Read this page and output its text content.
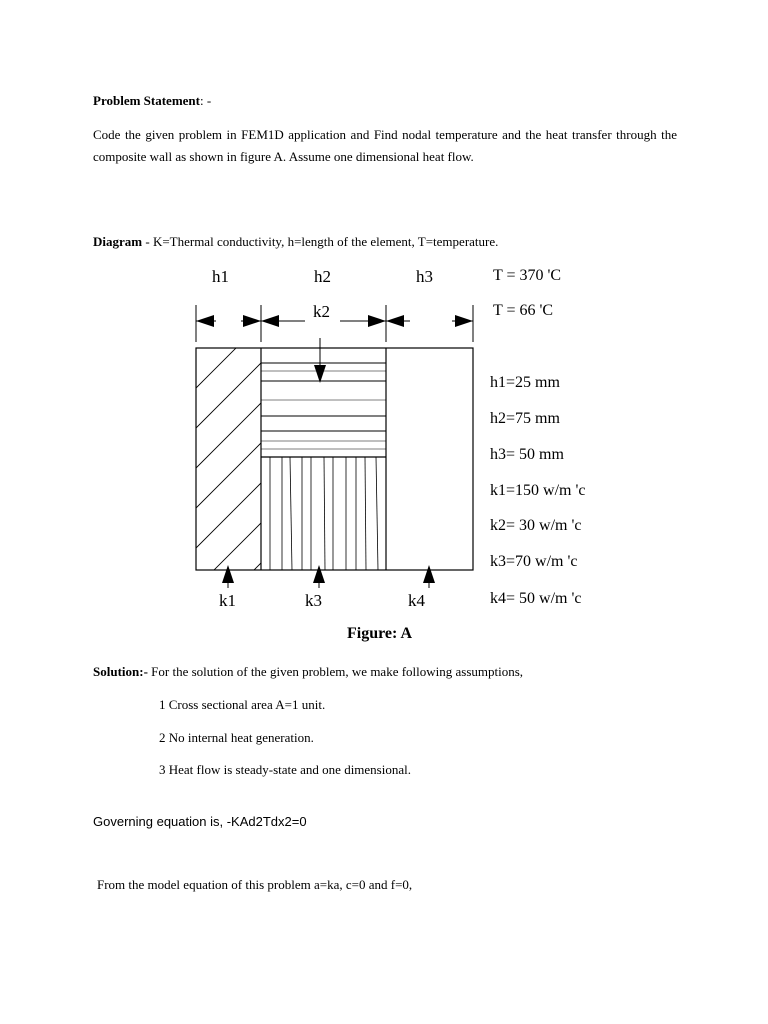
Problem Statement: -
Code the given problem in FEM1D application and Find nodal temperature and the heat transfer through the composite wall as shown in figure A. Assume one dimensional heat flow.
Diagram - K=Thermal conductivity, h=length of the element, T=temperature.
h1	h2	h3
k2
k1	k3	k4
T = 370 'C
T = 66 'C
h1=25 mm
h2=75 mm
h3= 50 mm
k1=150 w/m 'c
k2= 30 w/m 'c
k3=70 w/m 'c
k4= 50 w/m 'c
Figure: A
Solution:- For the solution of the given problem, we make following assumptions,
1 Cross sectional area A=1 unit.
2 No internal heat generation.
3 Heat flow is steady-state and one dimensional.
Governing equation is, -KAd2Tdx2=0
From the model equation of this problem a=ka, c=0 and f=0,
